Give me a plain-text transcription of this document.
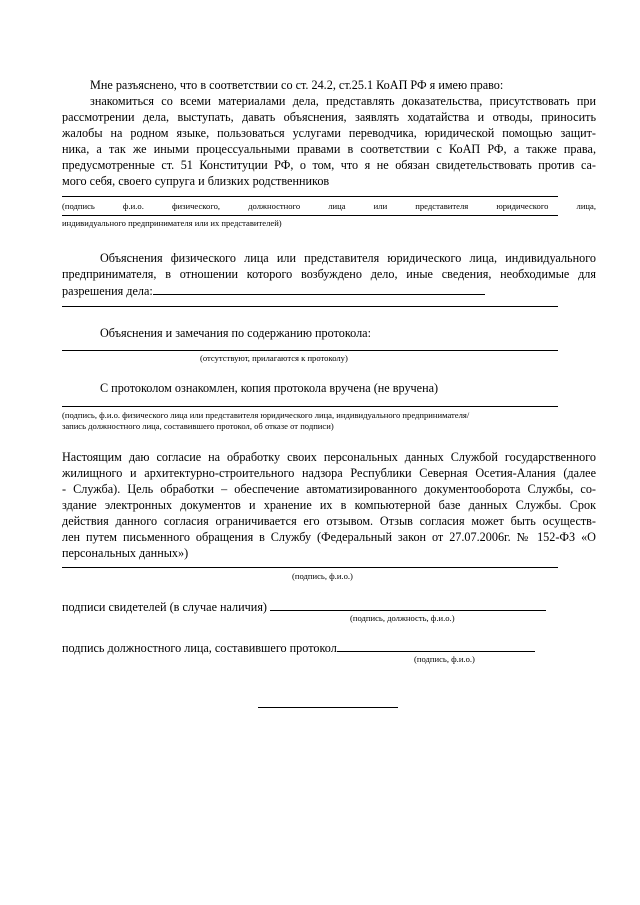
Мне разъяснено, что в соответствии со ст. 24.2, ст.25.1 КоАП РФ я имею право:
знакомиться со всеми материалами дела, представлять доказательства, присутствовать при
рассмотрении дела, выступать, давать объяснения, заявлять ходатайства и отводы, приносить
жалобы на родном языке, пользоваться услугами переводчика, юридической помощью защит-
ника, а так же иными процессуальными правами в соответствии с КоАП РФ, а также права,
предусмотренные ст. 51 Конституции РФ, о том, что я не обязан свидетельствовать против са-
мого себя, своего супруга и близких родственников
(подпись ф.и.о. физического, должностного лица или представителя юридического лица,
индивидуального предпринимателя или их представителей)
Объяснения физического лица или представителя юридического лица, индивидуального
предпринимателя, в отношении которого возбуждено дело, иные сведения, необходимые для
разрешения дела:
Объяснения и замечания по содержанию протокола:
(отсутствуют, прилагаются к протоколу)
С протоколом ознакомлен, копия протокола вручена (не вручена)
(подпись, ф.и.о. физического лица или представителя юридического лица, индивидуального предпринимателя/
запись должностного лица, составившего протокол, об отказе от подписи)
Настоящим даю согласие на обработку своих персональных данных Службой государственного
жилищного и архитектурно-строительного надзора Республики Северная Осетия-Алания (далее
- Служба). Цель обработки – обеспечение автоматизированного документооборота Службы, со-
здание электронных документов и хранение их в компьютерной базе данных Службы. Срок
действия данного согласия ограничивается его отзывом. Отзыв согласия может быть осуществ-
лен путем письменного обращения в Службу (Федеральный закон от 27.07.2006г. № 152-ФЗ «О
персональных данных»)
(подпись, ф.и.о.)
подписи свидетелей (в случае наличия)
(подпись, должность, ф.и.о.)
подпись должностного лица, составившего протокол
(подпись, ф.и.о.)
